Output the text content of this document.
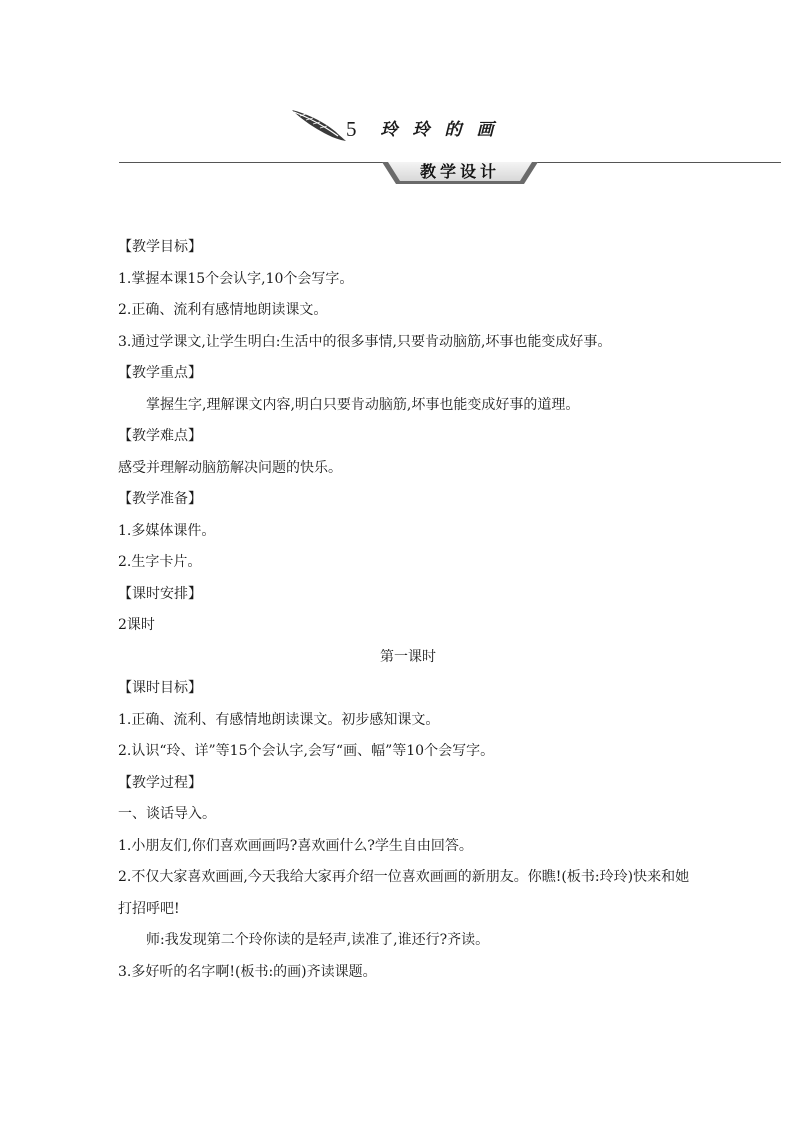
5 玲玲的画
教学设计

【教学目标】

1.掌握本课15个会认字,10个会写字。

2.正确、流利有感情地朗读课文。

3.通过学课文,让学生明白:生活中的很多事情,只要肯动脑筋,坏事也能变成好事。

【教学重点】

掌握生字,理解课文内容,明白只要肯动脑筋,坏事也能变成好事的道理。

【教学难点】

感受并理解动脑筋解决问题的快乐。

【教学准备】

1.多媒体课件。

2.生字卡片。

【课时安排】

2课时

第一课时

【课时目标】

1.正确、流利、有感情地朗读课文。初步感知课文。

2.认识“玲、详”等15个会认字,会写“画、幅”等10个会写字。

【教学过程】

一、谈话导入。

1.小朋友们,你们喜欢画画吗?喜欢画什么?学生自由回答。

2.不仅大家喜欢画画,今天我给大家再介绍一位喜欢画画的新朋友。你瞧!(板书:玲玲)快来和她打招呼吧!

师:我发现第二个玲你读的是轻声,读准了,谁还行?齐读。

3.多好听的名字啊!(板书:的画)齐读课题。
